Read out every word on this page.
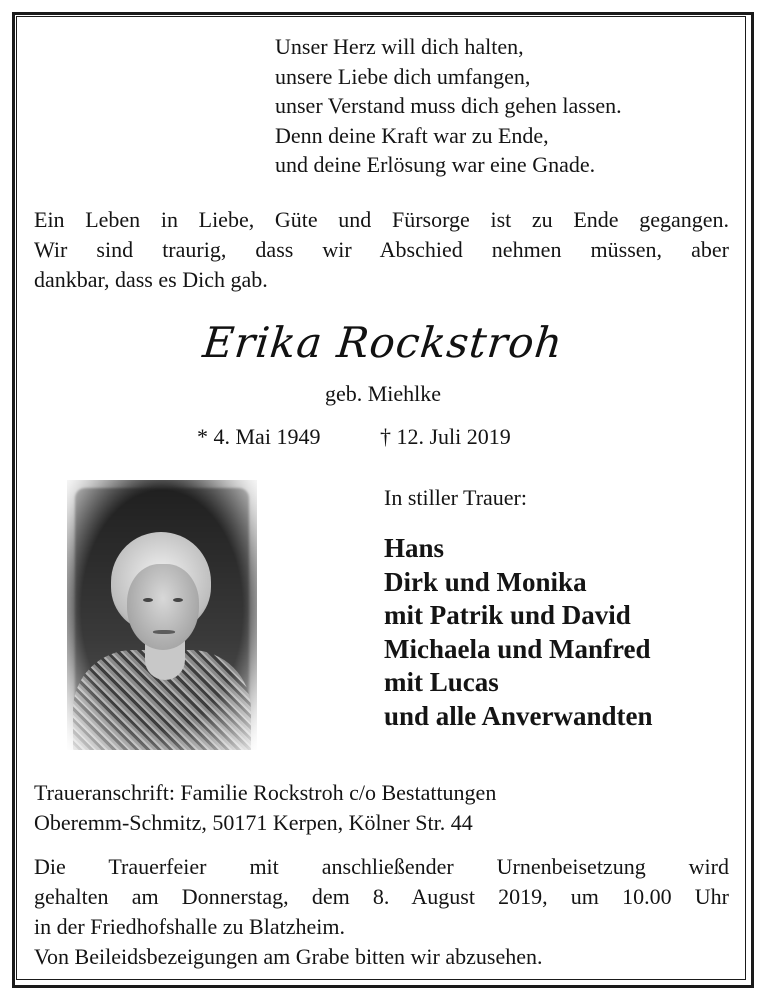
Unser Herz will dich halten,
unsere Liebe dich umfangen,
unser Verstand muss dich gehen lassen.
Denn deine Kraft war zu Ende,
und deine Erlösung war eine Gnade.
Ein Leben in Liebe, Güte und Fürsorge ist zu Ende gegangen.
Wir sind traurig, dass wir Abschied nehmen müssen, aber
dankbar, dass es Dich gab.
Erika Rockstroh
geb. Miehlke
* 4. Mai 1949	† 12. Juli 2019
In stiller Trauer:
Hans
Dirk und Monika
mit Patrik und David
Michaela und Manfred
mit Lucas
und alle Anverwandten
Traueranschrift: Familie Rockstroh c/o Bestattungen
Oberemm-Schmitz, 50171 Kerpen, Kölner Str. 44
Die Trauerfeier mit anschließender Urnenbeisetzung wird
gehalten am Donnerstag, dem 8. August 2019, um 10.00 Uhr
in der Friedhofshalle zu Blatzheim.
Von Beileidsbezeigungen am Grabe bitten wir abzusehen.
